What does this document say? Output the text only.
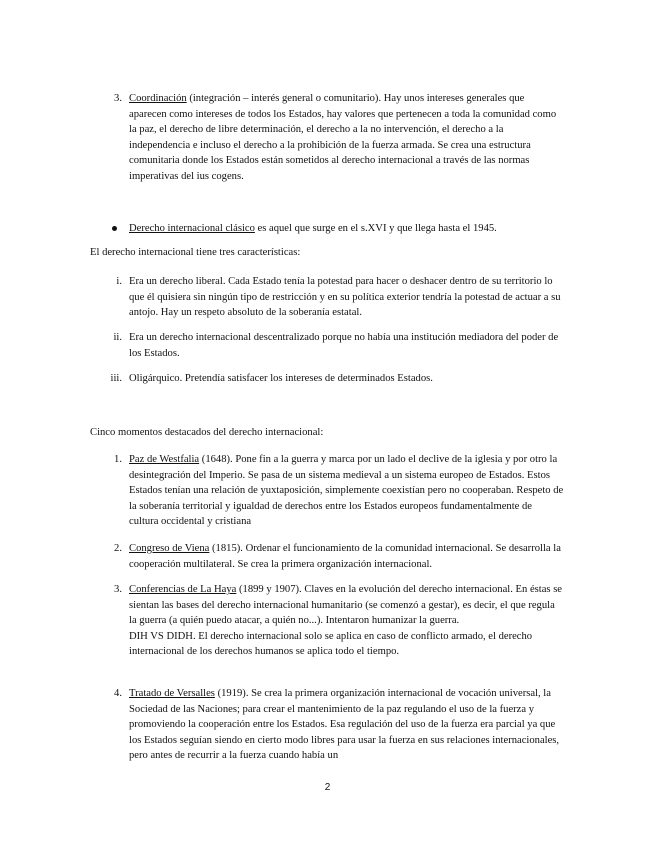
3. Coordinación (integración – interés general o comunitario). Hay unos intereses generales que aparecen como intereses de todos los Estados, hay valores que pertenecen a toda la comunidad como la paz, el derecho de libre determinación, el derecho a la no intervención, el derecho a la independencia e incluso el derecho a la prohibición de la fuerza armada. Se crea una estructura comunitaria donde los Estados están sometidos al derecho internacional a través de las normas imperativas del ius cogens.
Derecho internacional clásico es aquel que surge en el s.XVI y que llega hasta el 1945.
El derecho internacional tiene tres características:
i. Era un derecho liberal. Cada Estado tenía la potestad para hacer o deshacer dentro de su territorio lo que él quisiera sin ningún tipo de restricción y en su política exterior tendría la potestad de actuar a su antojo. Hay un respeto absoluto de la soberanía estatal.
ii. Era un derecho internacional descentralizado porque no había una institución mediadora del poder de los Estados.
iii. Oligárquico. Pretendía satisfacer los intereses de determinados Estados.
Cinco momentos destacados del derecho internacional:
1. Paz de Westfalia (1648). Pone fin a la guerra y marca por un lado el declive de la iglesia y por otro la desintegración del Imperio. Se pasa de un sistema medieval a un sistema europeo de Estados. Estos Estados tenían una relación de yuxtaposición, simplemente coexistían pero no cooperaban. Respeto de la soberanía territorial y igualdad de derechos entre los Estados europeos fundamentalmente de cultura occidental y cristiana
2. Congreso de Viena (1815). Ordenar el funcionamiento de la comunidad internacional. Se desarrolla la cooperación multilateral. Se crea la primera organización internacional.
3. Conferencias de La Haya (1899 y 1907). Claves en la evolución del derecho internacional. En éstas se sientan las bases del derecho internacional humanitario (se comenzó a gestar), es decir, el que regula la guerra (a quién puedo atacar, a quién no...). Intentaron humanizar la guerra.
DIH VS DIDH. El derecho internacional solo se aplica en caso de conflicto armado, el derecho internacional de los derechos humanos se aplica todo el tiempo.
4. Tratado de Versalles (1919). Se crea la primera organización internacional de vocación universal, la Sociedad de las Naciones; para crear el mantenimiento de la paz regulando el uso de la fuerza y promoviendo la cooperación entre los Estados. Esa regulación del uso de la fuerza era parcial ya que los Estados seguían siendo en cierto modo libres para usar la fuerza en sus relaciones internacionales, pero antes de recurrir a la fuerza cuando había un
2
